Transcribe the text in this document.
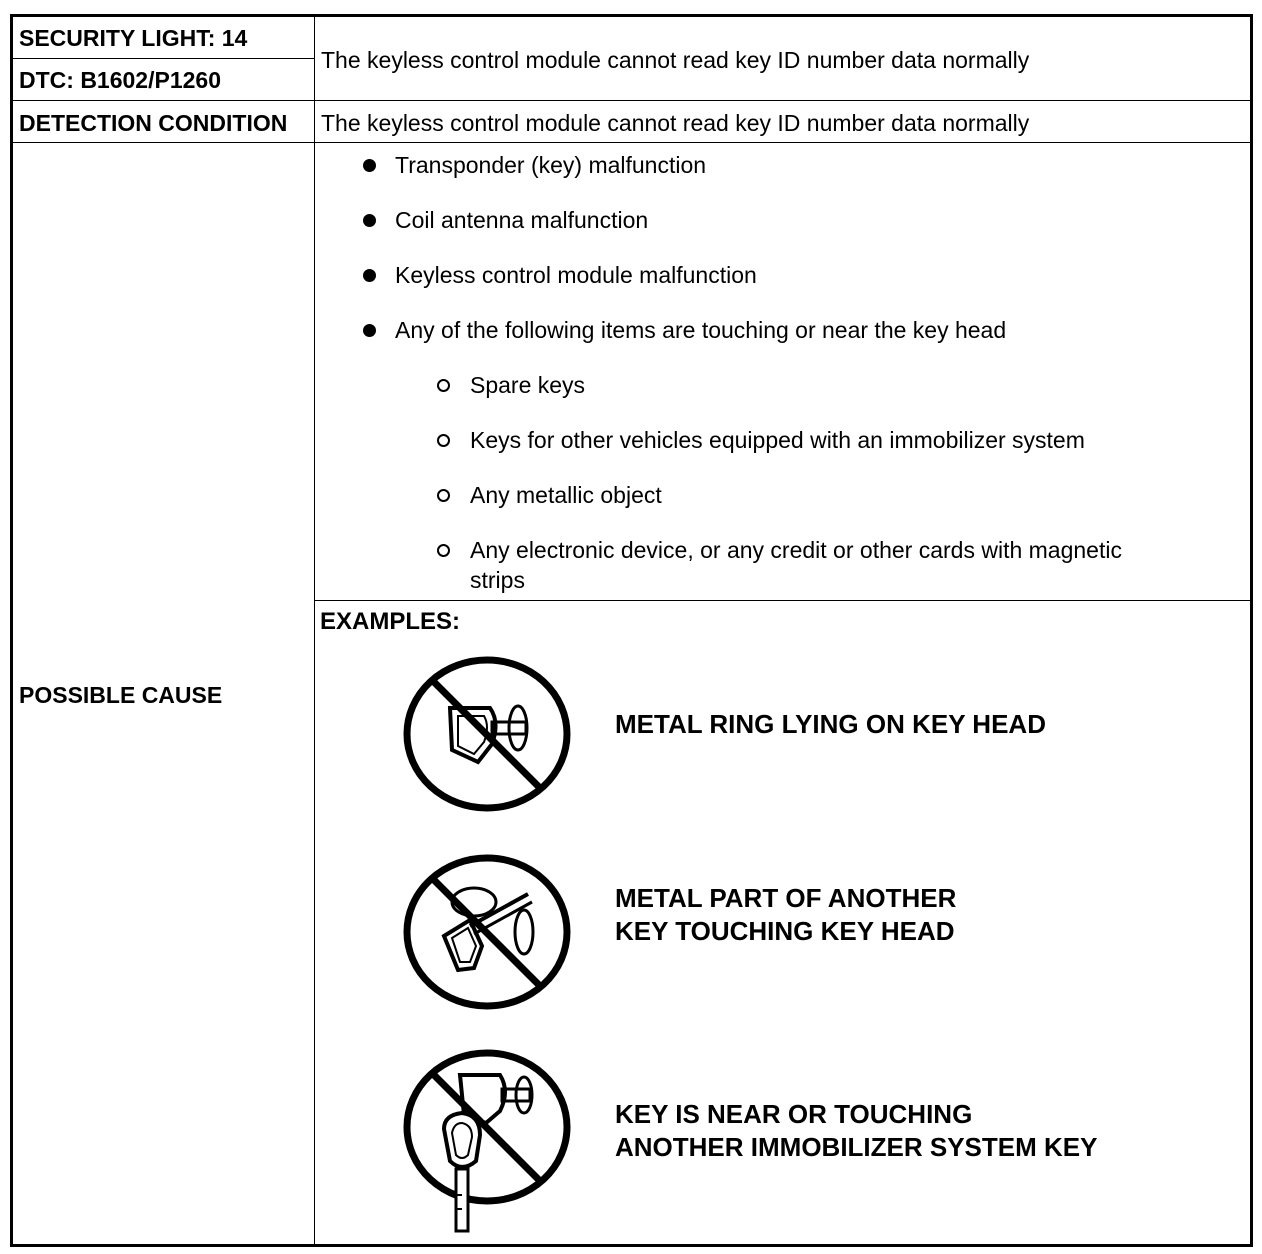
SECURITY LIGHT: 14
DTC: B1602/P1260
DETECTION CONDITION
POSSIBLE CAUSE
The keyless control module cannot read key ID number data normally
The keyless control module cannot read key ID number data normally
Transponder (key) malfunction
Coil antenna malfunction
Keyless control module malfunction
Any of the following items are touching or near the key head
Spare keys
Keys for other vehicles equipped with an immobilizer system
Any metallic object
Any electronic device, or any credit or other cards with magnetic
strips
EXAMPLES:
METAL RING LYING ON KEY HEAD
METAL PART OF ANOTHER
KEY TOUCHING KEY HEAD
KEY IS NEAR OR TOUCHING
ANOTHER IMMOBILIZER SYSTEM KEY
